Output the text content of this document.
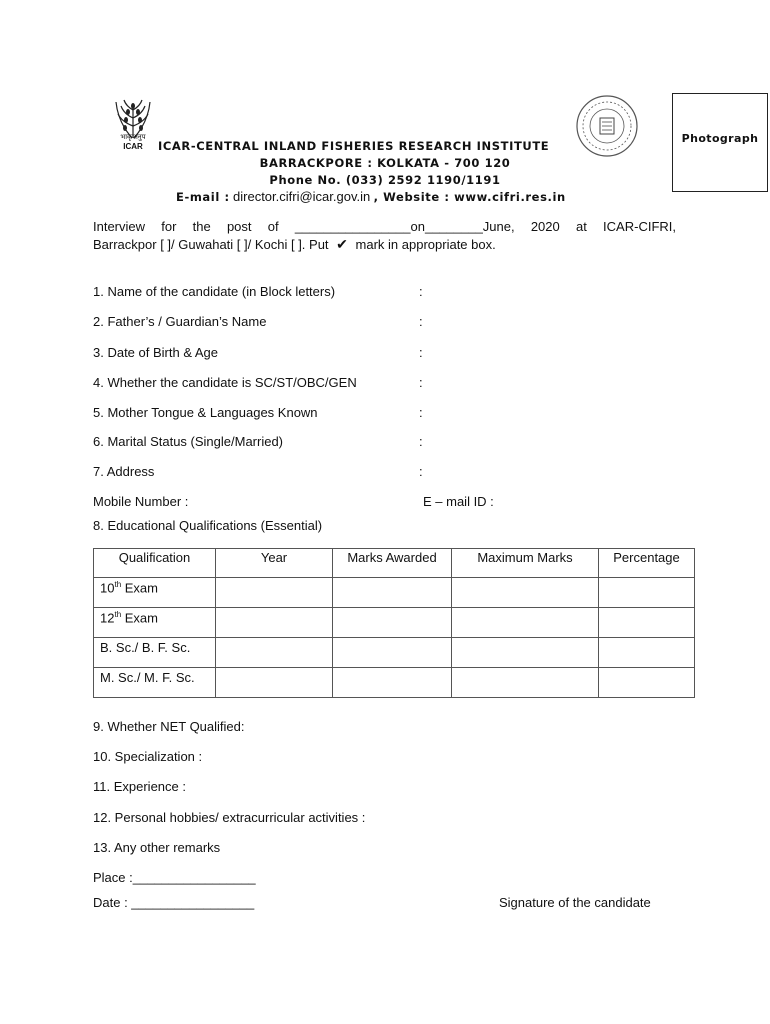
भाकृअनुप
ICAR
Photograph
ICAR-CENTRAL INLAND FISHERIES RESEARCH INSTITUTE
BARRACKPORE : KOLKATA - 700 120
Phone No. (033) 2592 1190/1191
E-mail : director.cifri@icar.gov.in , Website : www.cifri.res.in
Interview for the post of ________________on________June, 2020 at ICAR-CIFRI,
Barrackpor [ ]/ Guwahati [ ]/ Kochi [ ]. Put ✔ mark in appropriate box.
1. Name of the candidate (in Block letters)	:
2. Father’s / Guardian’s Name	:
3. Date of Birth & Age	:
4. Whether the candidate is SC/ST/OBC/GEN	:
5. Mother Tongue & Languages Known	:
6. Marital Status (Single/Married)	:
7. Address	:
Mobile Number :	E – mail ID :
8. Educational Qualifications (Essential)
Qualification	Year	Marks Awarded	Maximum Marks	Percentage
10th Exam				
12th Exam				
B. Sc./ B. F. Sc.				
M. Sc./ M. F. Sc.				
9. Whether NET Qualified:
10. Specialization :
11. Experience :
12. Personal hobbies/ extracurricular activities :
13. Any other remarks
Place :_________________
Date : _________________	Signature of the candidate
